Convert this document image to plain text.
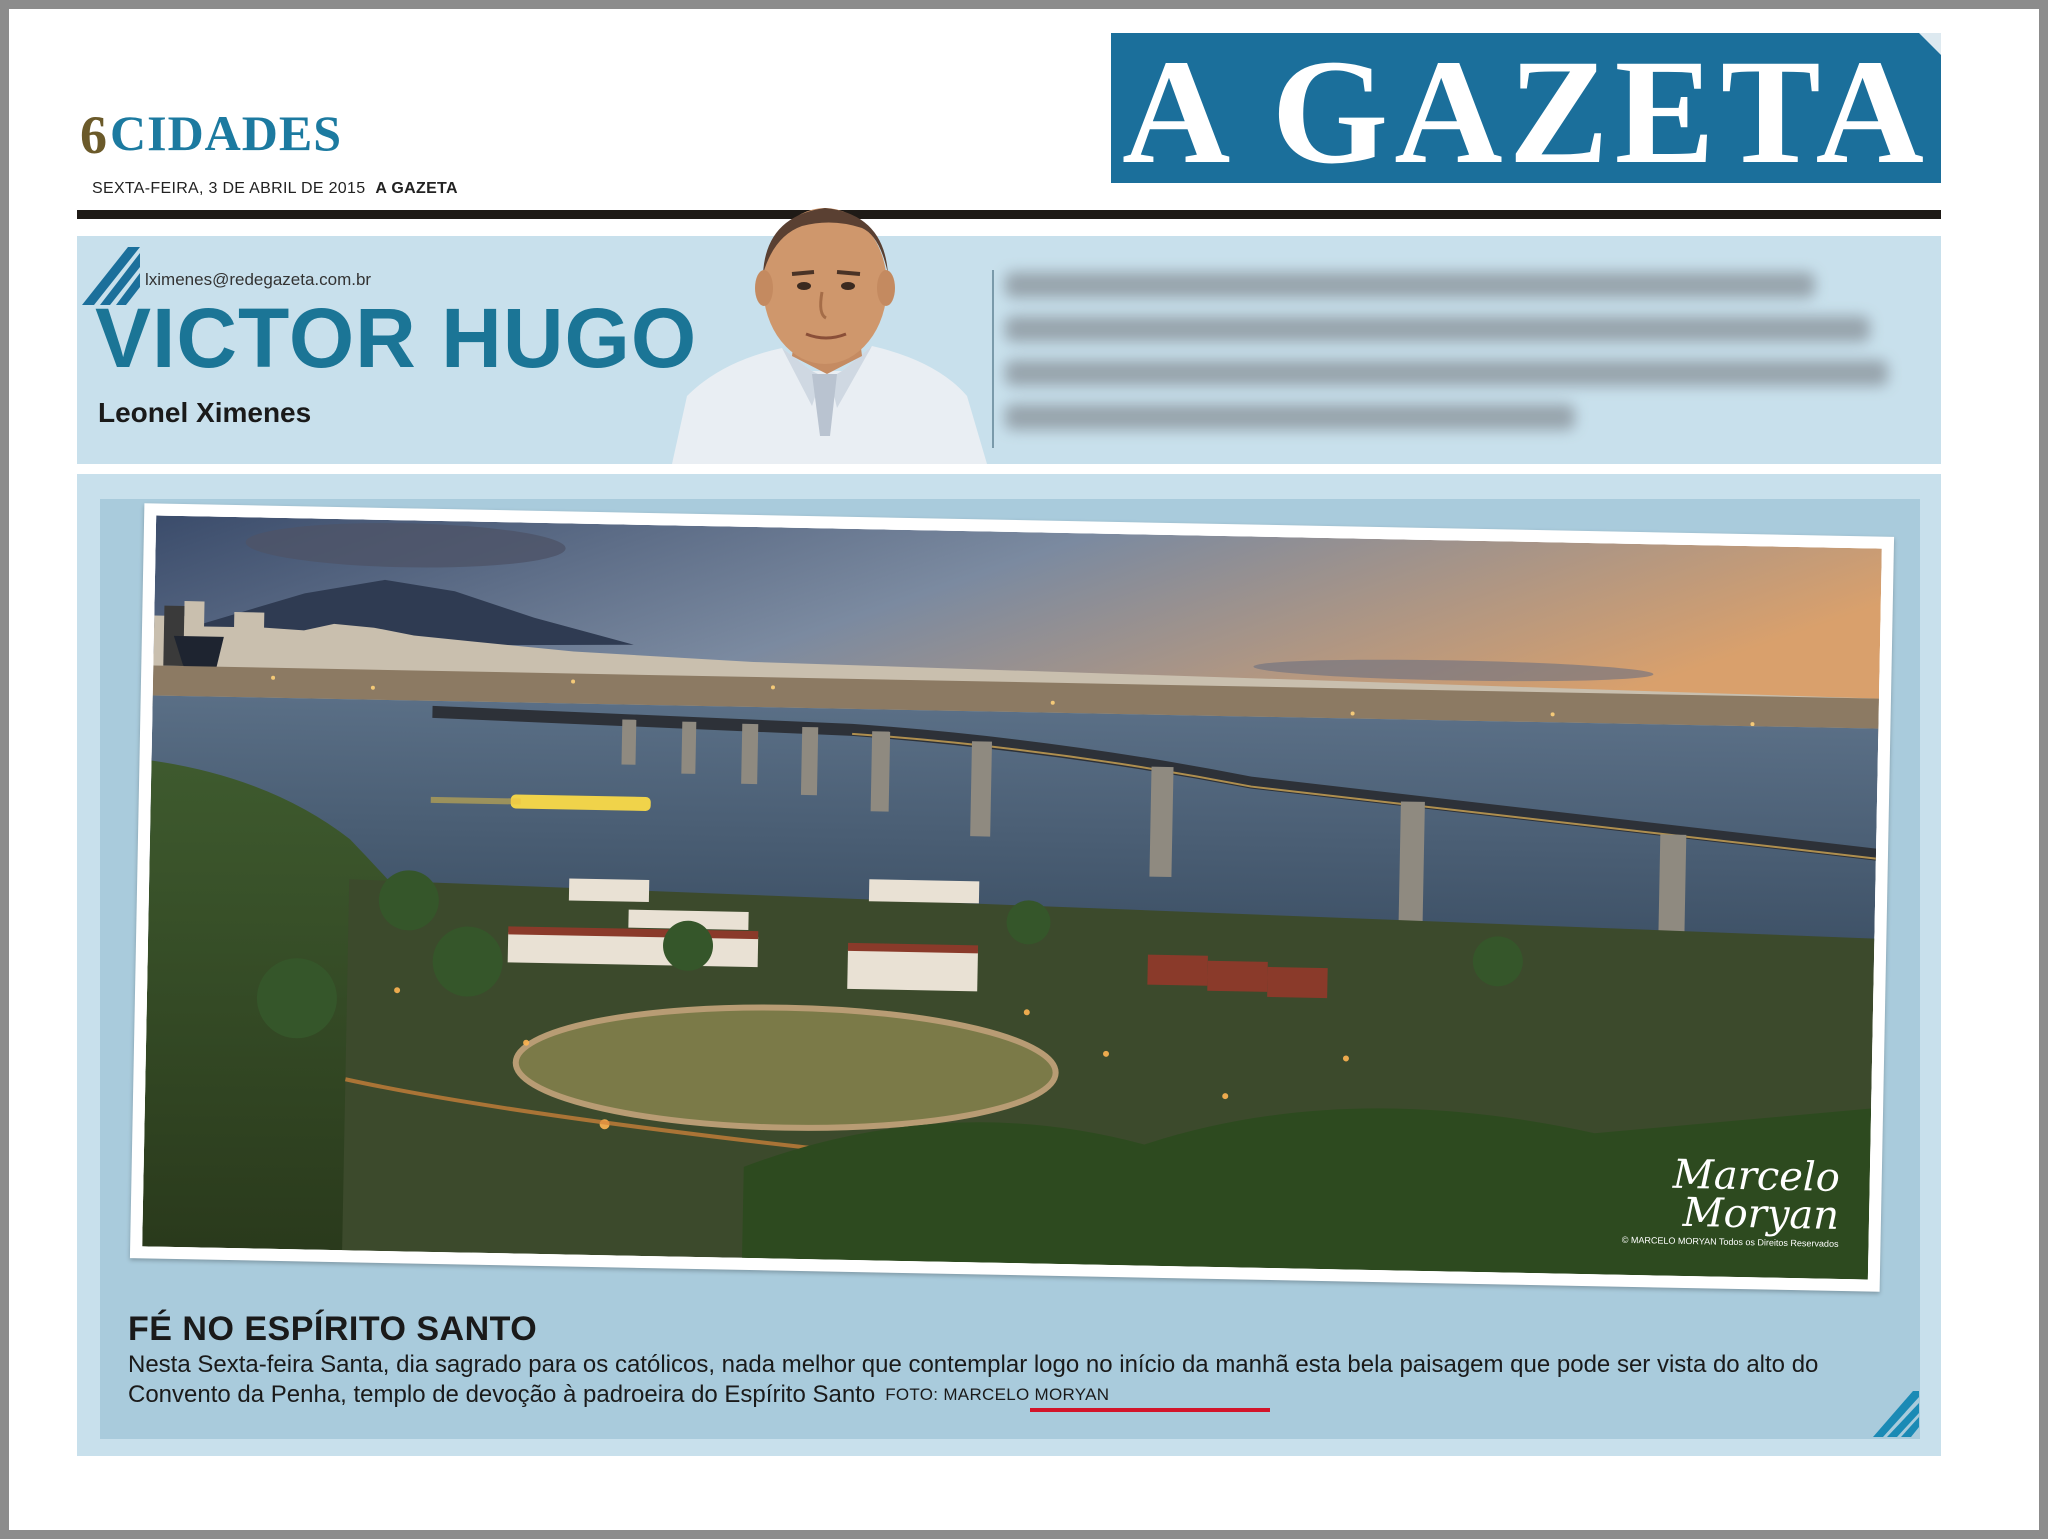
6 CIDADES
SEXTA-FEIRA, 3 DE ABRIL DE 2015 A GAZETA	A GAZETA
lximenes@redegazeta.com.br
VICTOR HUGO
Leonel Ximenes
Marcelo
Moryan
© MARCELO MORYAN Todos os Direitos Reservados
FÉ NO ESPÍRITO SANTO
Nesta Sexta-feira Santa, dia sagrado para os católicos, nada melhor que contemplar logo no início da manhã esta bela paisagem que pode ser vista do alto do Convento da Penha, templo de devoção à padroeira do Espírito Santo FOTO: MARCELO MORYAN
